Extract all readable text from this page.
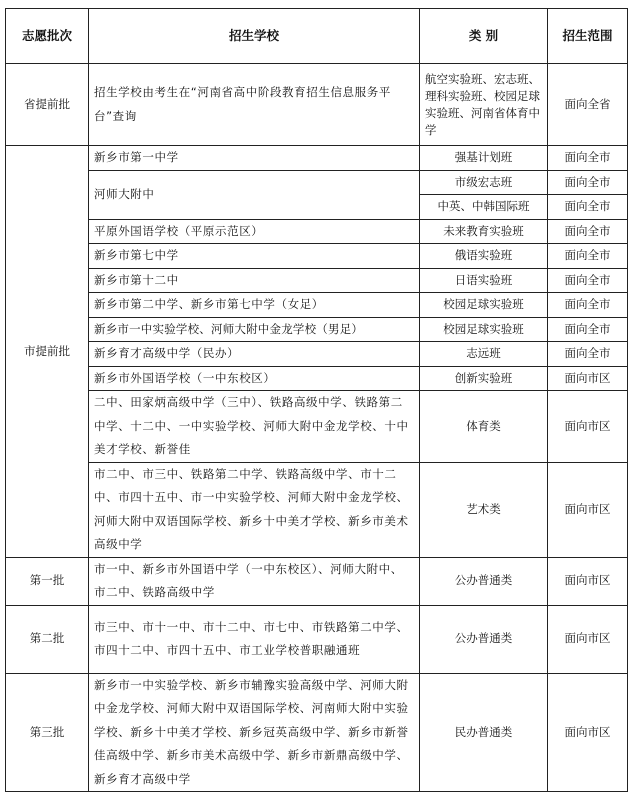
志愿批次	招生学校	类 别	招生范围
省提前批	招生学校由考生在“河南省高中阶段教育招生信息服务平台”查询	航空实验班、宏志班、理科实验班、校园足球实验班、河南省体育中学	面向全省
市提前批	新乡市第一中学	强基计划班	面向全市
	河师大附中	市级宏志班	面向全市
		中英、中韩国际班	面向全市
	平原外国语学校（平原示范区）	未来教育实验班	面向全市
	新乡市第七中学	俄语实验班	面向全市
	新乡市第十二中	日语实验班	面向全市
	新乡市第二中学、新乡市第七中学（女足）	校园足球实验班	面向全市
	新乡市一中实验学校、河师大附中金龙学校（男足）	校园足球实验班	面向全市
	新乡育才高级中学（民办）	志远班	面向全市
	新乡市外国语学校（一中东校区）	创新实验班	面向市区
	二中、田家炳高级中学（三中）、铁路高级中学、铁路第二中学、十二中、一中实验学校、河师大附中金龙学校、十中美才学校、新誉佳	体育类	面向市区
	市二中、市三中、铁路第二中学、铁路高级中学、市十二中、市四十五中、市一中实验学校、河师大附中金龙学校、河师大附中双语国际学校、新乡十中美才学校、新乡市美术高级中学	艺术类	面向市区
第一批	市一中、新乡市外国语中学（一中东校区）、河师大附中、市二中、铁路高级中学	公办普通类	面向市区
第二批	市三中、市十一中、市十二中、市七中、市铁路第二中学、市四十二中、市四十五中、市工业学校普职融通班	公办普通类	面向市区
第三批	新乡市一中实验学校、新乡市辅豫实验高级中学、河师大附中金龙学校、河师大附中双语国际学校、河南师大附中实验学校、新乡十中美才学校、新乡冠英高级中学、新乡市新誉佳高级中学、新乡市美术高级中学、新乡市新鼎高级中学、新乡育才高级中学	民办普通类	面向市区
